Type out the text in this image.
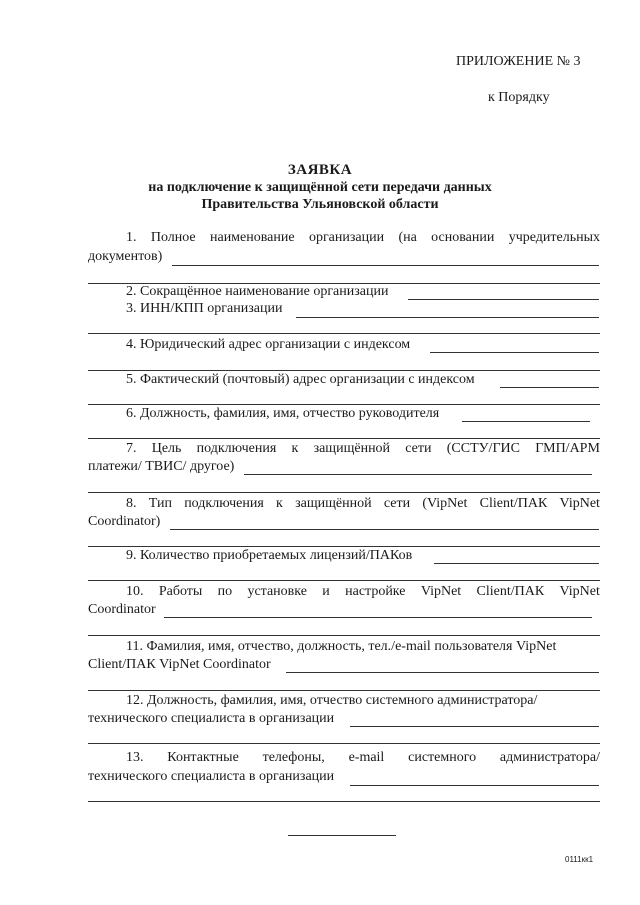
ПРИЛОЖЕНИЕ № 3
к Порядку
ЗАЯВКА
на подключение к защищённой сети передачи данных
Правительства Ульяновской области
1. Полное наименование организации (на основании учредительных
документов)
2. Сокращённое наименование организации
3. ИНН/КПП организации
4. Юридический адрес организации с индексом
5. Фактический (почтовый) адрес организации с индексом
6. Должность, фамилия, имя, отчество руководителя
7. Цель подключения к защищённой сети (ССТУ/ГИС ГМП/АРМ
платежи/ ТВИС/ другое)
8. Тип подключения к защищённой сети (VipNet Client/ПАК VipNet
Coordinator)
9. Количество приобретаемых лицензий/ПАКов
10. Работы по установке и настройке VipNet Client/ПАК VipNet
Coordinator
11. Фамилия, имя, отчество, должность, тел./e-mail пользователя VipNet
Client/ПАК VipNet Coordinator
12. Должность, фамилия, имя, отчество системного администратора/
технического специалиста в организации
13. Контактные телефоны, e-mail системного администратора/
технического специалиста в организации
0111кк1
